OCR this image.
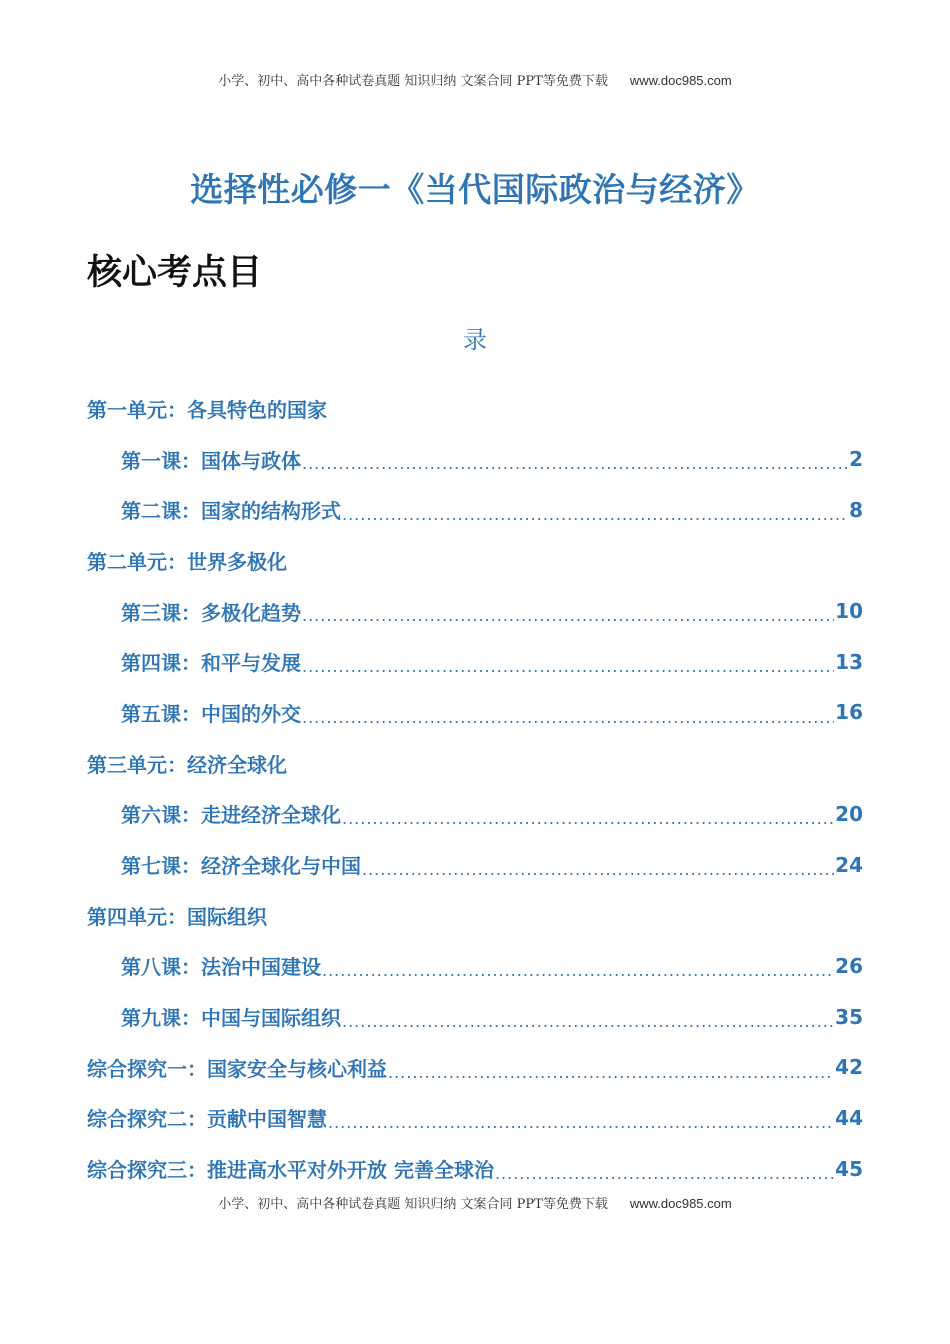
小学、初中、高中各种试卷真题 知识归纳 文案合同 PPT等免费下载 www.doc985.com
选择性必修一《当代国际政治与经济》
核心考点目
录
第一单元：各具特色的国家
第一课：国体与政体 .....	2
第二课：国家的结构形式 .....	8
第二单元：世界多极化
第三课：多极化趋势 .....	10
第四课：和平与发展 .....	13
第五课：中国的外交 .....	16
第三单元：经济全球化
第六课：走进经济全球化 .....	20
第七课：经济全球化与中国 .....	24
第四单元：国际组织
第八课：法治中国建设 .....	26
第九课：中国与国际组织 .....	35
综合探究一：国家安全与核心利益 .....	42
综合探究二：贡献中国智慧 .....	44
综合探究三：推进高水平对外开放 完善全球治 .....	45
小学、初中、高中各种试卷真题 知识归纳 文案合同 PPT等免费下载 www.doc985.com
